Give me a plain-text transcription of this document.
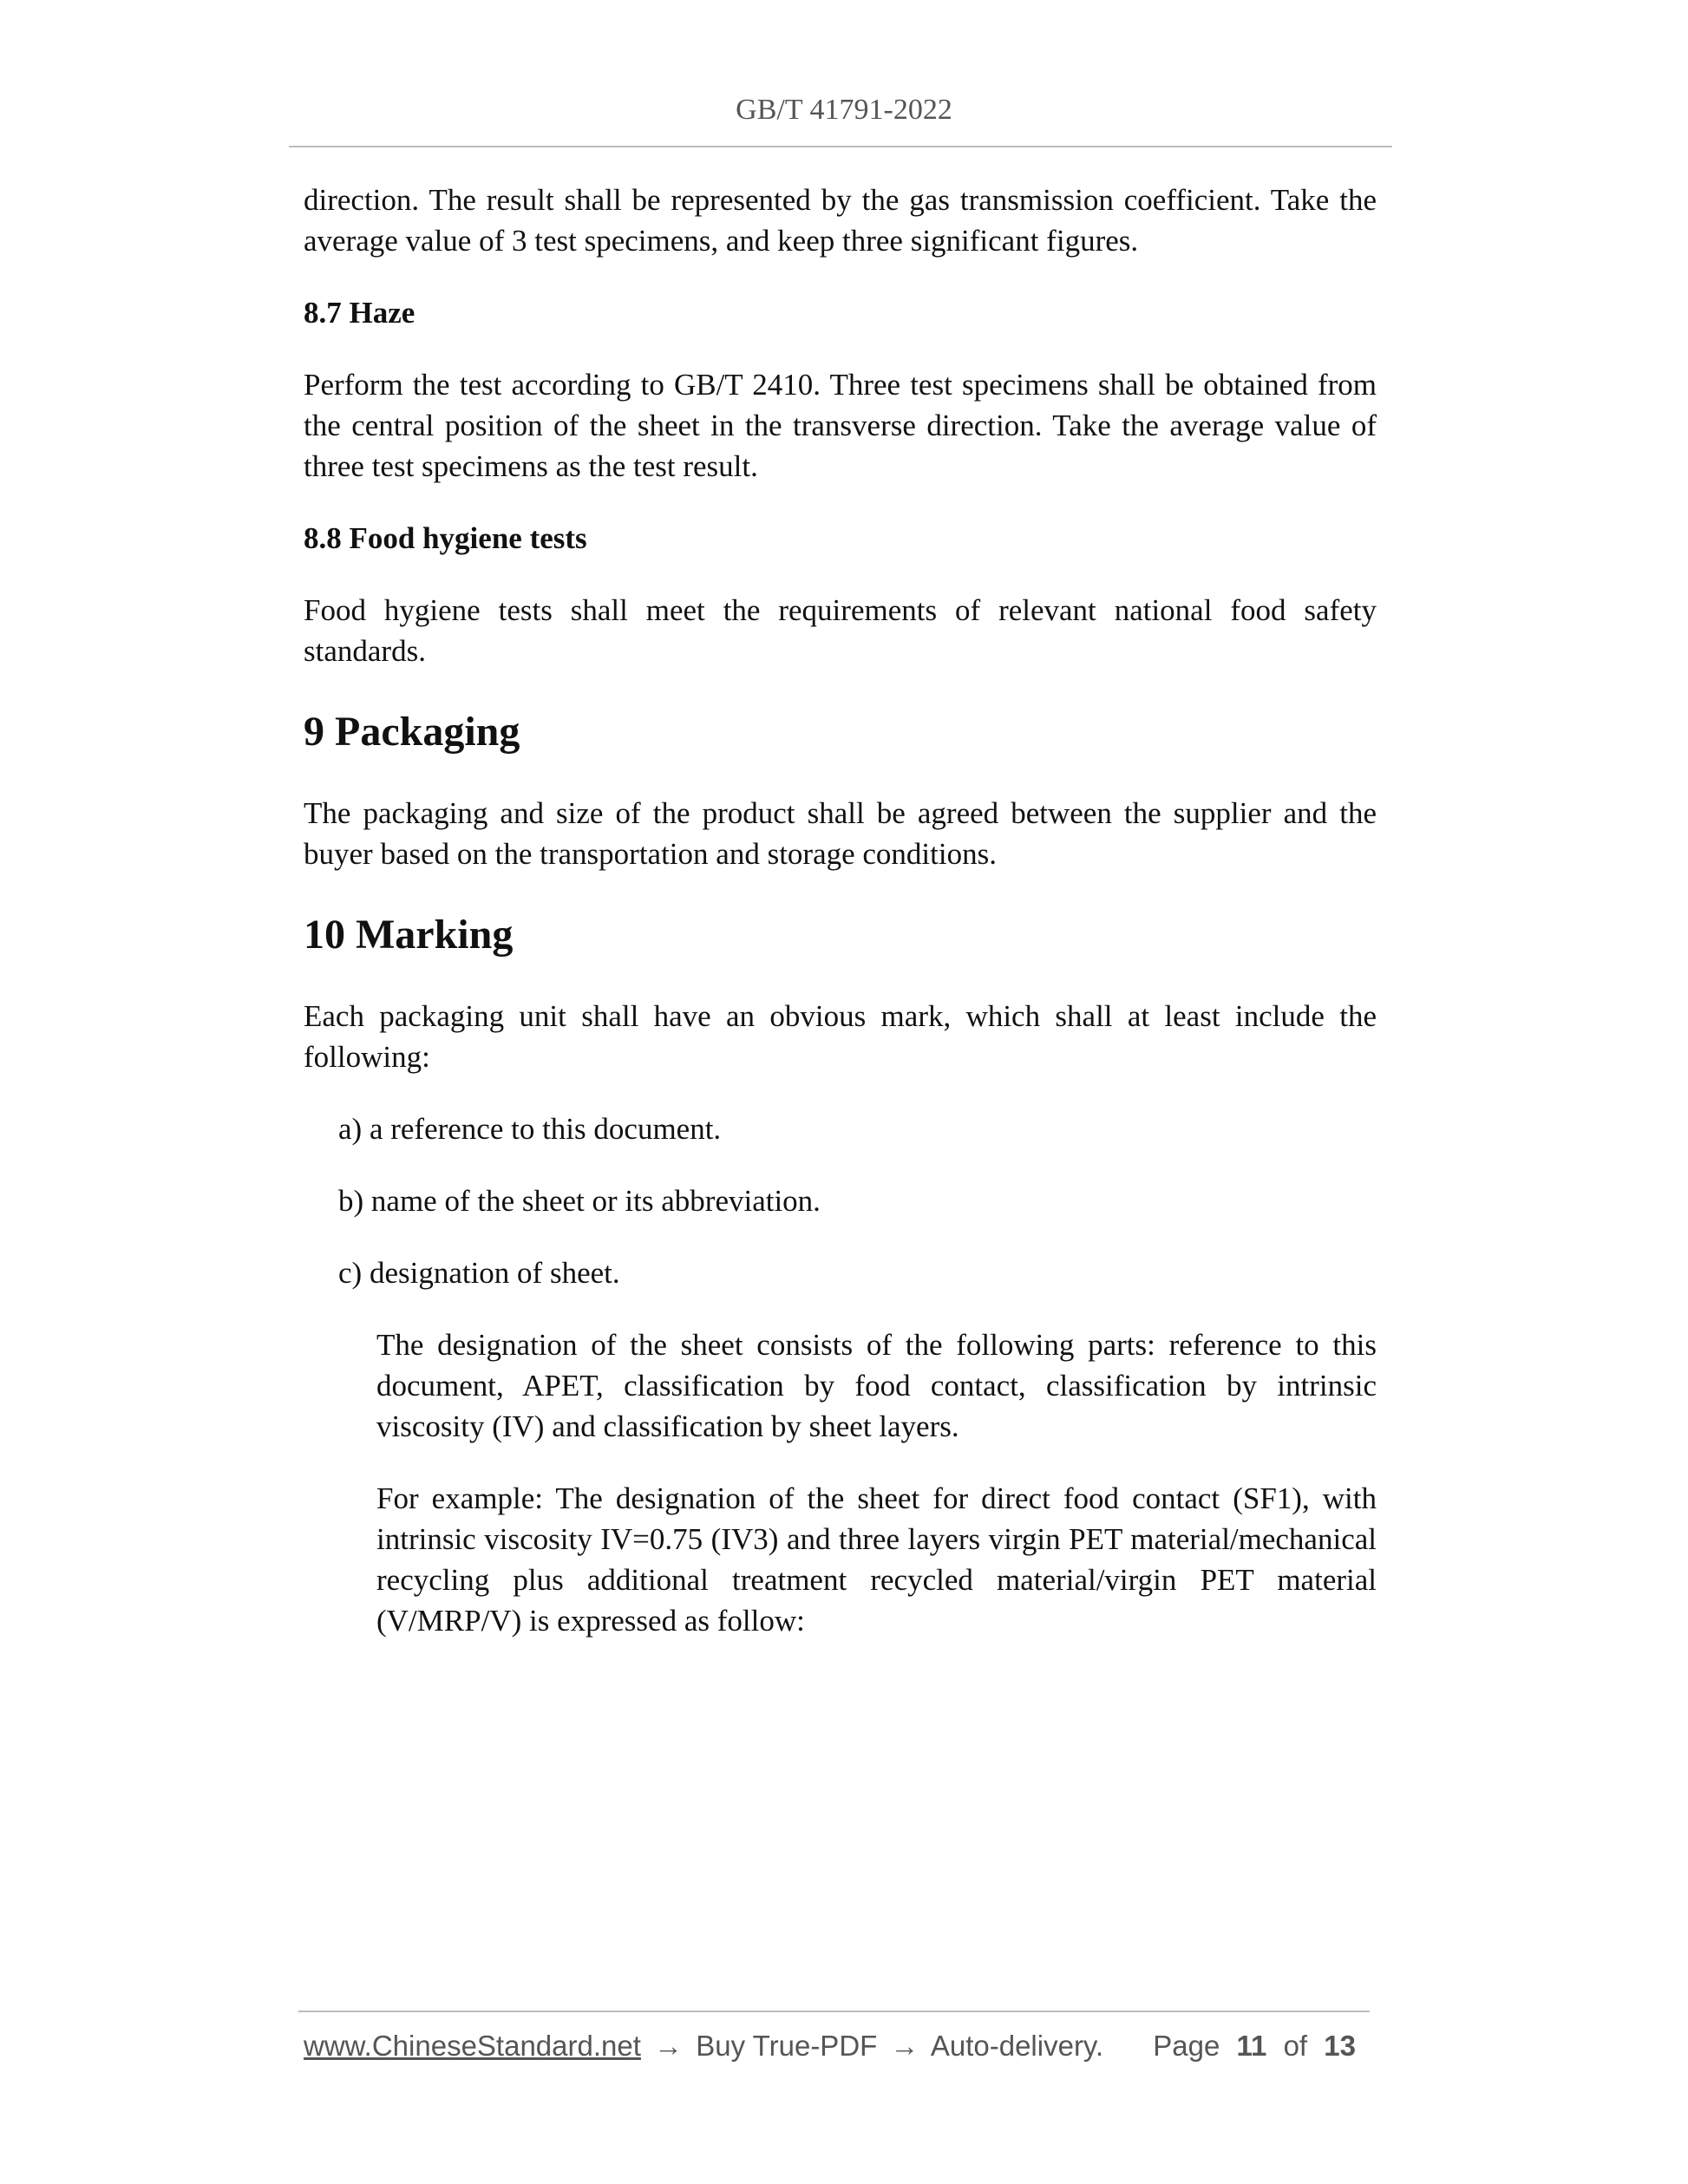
GB/T 41791-2022

direction. The result shall be represented by the gas transmission coefficient. Take the average value of 3 test specimens, and keep three significant figures.

8.7 Haze

Perform the test according to GB/T 2410. Three test specimens shall be obtained from the central position of the sheet in the transverse direction. Take the average value of three test specimens as the test result.

8.8 Food hygiene tests

Food hygiene tests shall meet the requirements of relevant national food safety standards.

9 Packaging

The packaging and size of the product shall be agreed between the supplier and the buyer based on the transportation and storage conditions.

10 Marking

Each packaging unit shall have an obvious mark, which shall at least include the following:

a) a reference to this document.
b) name of the sheet or its abbreviation.
c) designation of sheet.

The designation of the sheet consists of the following parts: reference to this document, APET, classification by food contact, classification by intrinsic viscosity (IV) and classification by sheet layers.

For example: The designation of the sheet for direct food contact (SF1), with intrinsic viscosity IV=0.75 (IV3) and three layers virgin PET material/mechanical recycling plus additional treatment recycled material/virgin PET material (V/MRP/V) is expressed as follow:

www.ChineseStandard.net → Buy True-PDF → Auto-delivery. Page 11 of 13
